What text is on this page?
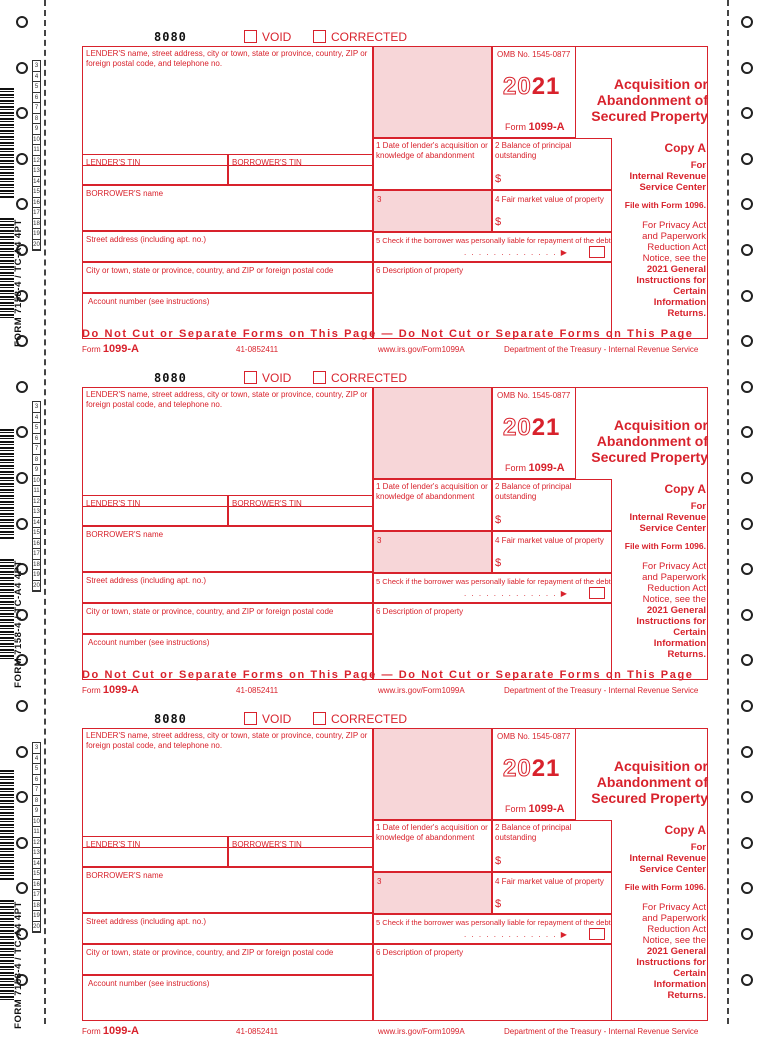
FORM 7158-4 / TC-A4 4PT
3
4
5
6
7
8
9
10
11
12
13
14
15
16
17
18
19
20
8080	VOID	CORRECTED
LENDER'S name, street address, city or town, state or province, country, ZIP or foreign postal code, and telephone no.
OMB No. 1545-0877
2021
Form 1099-A
Acquisition or
Abandonment of
Secured Property
1 Date of lender's acquisition or knowledge of abandonment
2 Balance of principal outstanding
$
LENDER'S TIN	BORROWER'S TIN
BORROWER'S name
3	4 Fair market value of property
$
Street address (including apt. no.)	5 Check if the borrower was personally liable for repayment of the debt
. . . . . . . . . . . . . ▶
City or town, state or province, country, and ZIP or foreign postal code	6 Description of property
Account number (see instructions)
Copy A
For
Internal Revenue
Service Center
File with Form 1096.
For Privacy Act
and Paperwork
Reduction Act
Notice, see the
2021 General
Instructions for
Certain
Information
Returns.
Form 1099-A	41-0852411	www.irs.gov/Form1099A	Department of the Treasury - Internal Revenue Service
Do Not Cut or Separate Forms on This Page — Do Not Cut or Separate Forms on This Page
FORM 7158-4 / TC-A4 4PT
3
4
5
6
7
8
9
10
11
12
13
14
15
16
17
18
19
20
8080	VOID	CORRECTED
LENDER'S name, street address, city or town, state or province, country, ZIP or foreign postal code, and telephone no.
OMB No. 1545-0877
2021
Form 1099-A
Acquisition or
Abandonment of
Secured Property
1 Date of lender's acquisition or knowledge of abandonment
2 Balance of principal outstanding
$
LENDER'S TIN	BORROWER'S TIN
BORROWER'S name
3	4 Fair market value of property
$
Street address (including apt. no.)	5 Check if the borrower was personally liable for repayment of the debt
. . . . . . . . . . . . . ▶
City or town, state or province, country, and ZIP or foreign postal code	6 Description of property
Account number (see instructions)
Copy A
For
Internal Revenue
Service Center
File with Form 1096.
For Privacy Act
and Paperwork
Reduction Act
Notice, see the
2021 General
Instructions for
Certain
Information
Returns.
Form 1099-A	41-0852411	www.irs.gov/Form1099A	Department of the Treasury - Internal Revenue Service
Do Not Cut or Separate Forms on This Page — Do Not Cut or Separate Forms on This Page
FORM 7158-4 / TC-A4 4PT
3
4
5
6
7
8
9
10
11
12
13
14
15
16
17
18
19
20
8080	VOID	CORRECTED
LENDER'S name, street address, city or town, state or province, country, ZIP or foreign postal code, and telephone no.
OMB No. 1545-0877
2021
Form 1099-A
Acquisition or
Abandonment of
Secured Property
1 Date of lender's acquisition or knowledge of abandonment
2 Balance of principal outstanding
$
LENDER'S TIN	BORROWER'S TIN
BORROWER'S name
3	4 Fair market value of property
$
Street address (including apt. no.)	5 Check if the borrower was personally liable for repayment of the debt
. . . . . . . . . . . . . ▶
City or town, state or province, country, and ZIP or foreign postal code	6 Description of property
Account number (see instructions)
Copy A
For
Internal Revenue
Service Center
File with Form 1096.
For Privacy Act
and Paperwork
Reduction Act
Notice, see the
2021 General
Instructions for
Certain
Information
Returns.
Form 1099-A	41-0852411	www.irs.gov/Form1099A	Department of the Treasury - Internal Revenue Service
